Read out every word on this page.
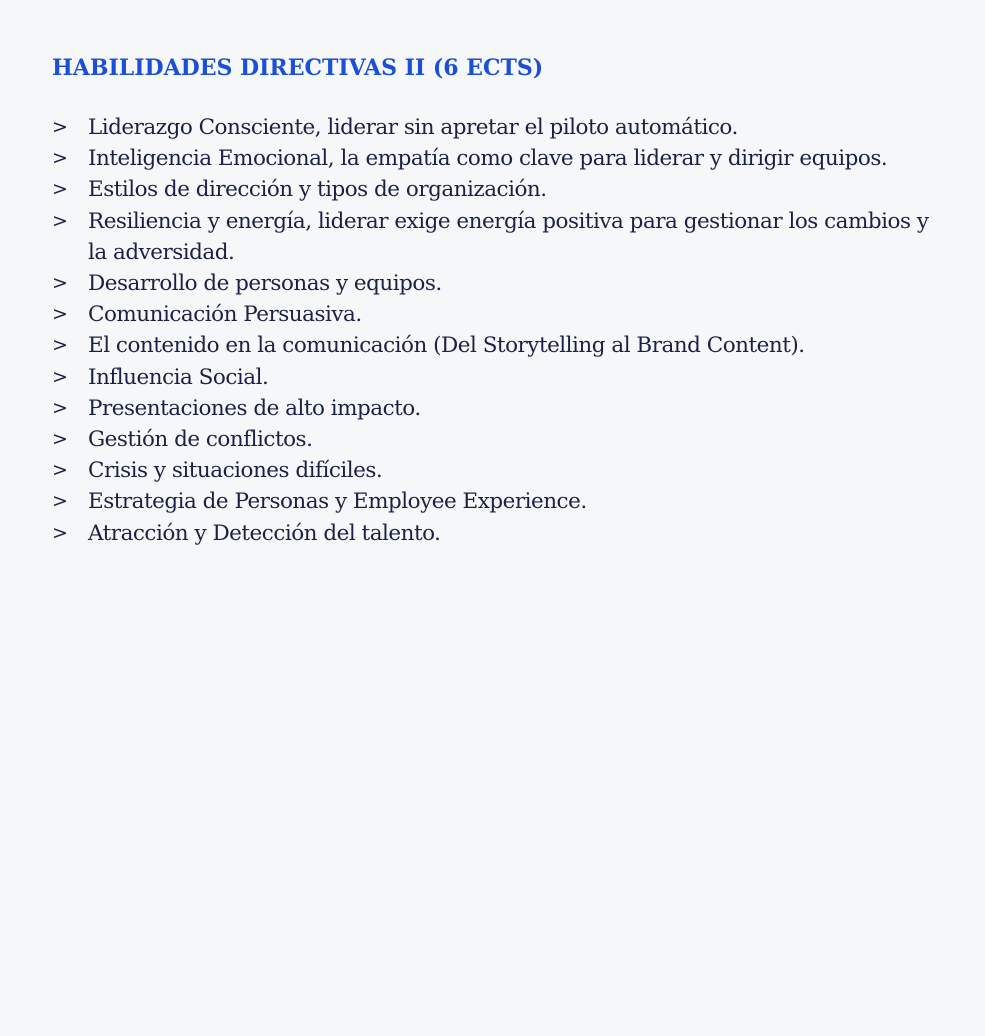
HABILIDADES DIRECTIVAS II (6 ECTS)
> Liderazgo Consciente, liderar sin apretar el piloto automático.
> Inteligencia Emocional, la empatía como clave para liderar y dirigir equipos.
> Estilos de dirección y tipos de organización.
> Resiliencia y energía, liderar exige energía positiva para gestionar los cambios y la adversidad.
> Desarrollo de personas y equipos.
> Comunicación Persuasiva.
> El contenido en la comunicación (Del Storytelling al Brand Content).
> Influencia Social.
> Presentaciones de alto impacto.
> Gestión de conflictos.
> Crisis y situaciones difíciles.
> Estrategia de Personas y Employee Experience.
> Atracción y Detección del talento.
